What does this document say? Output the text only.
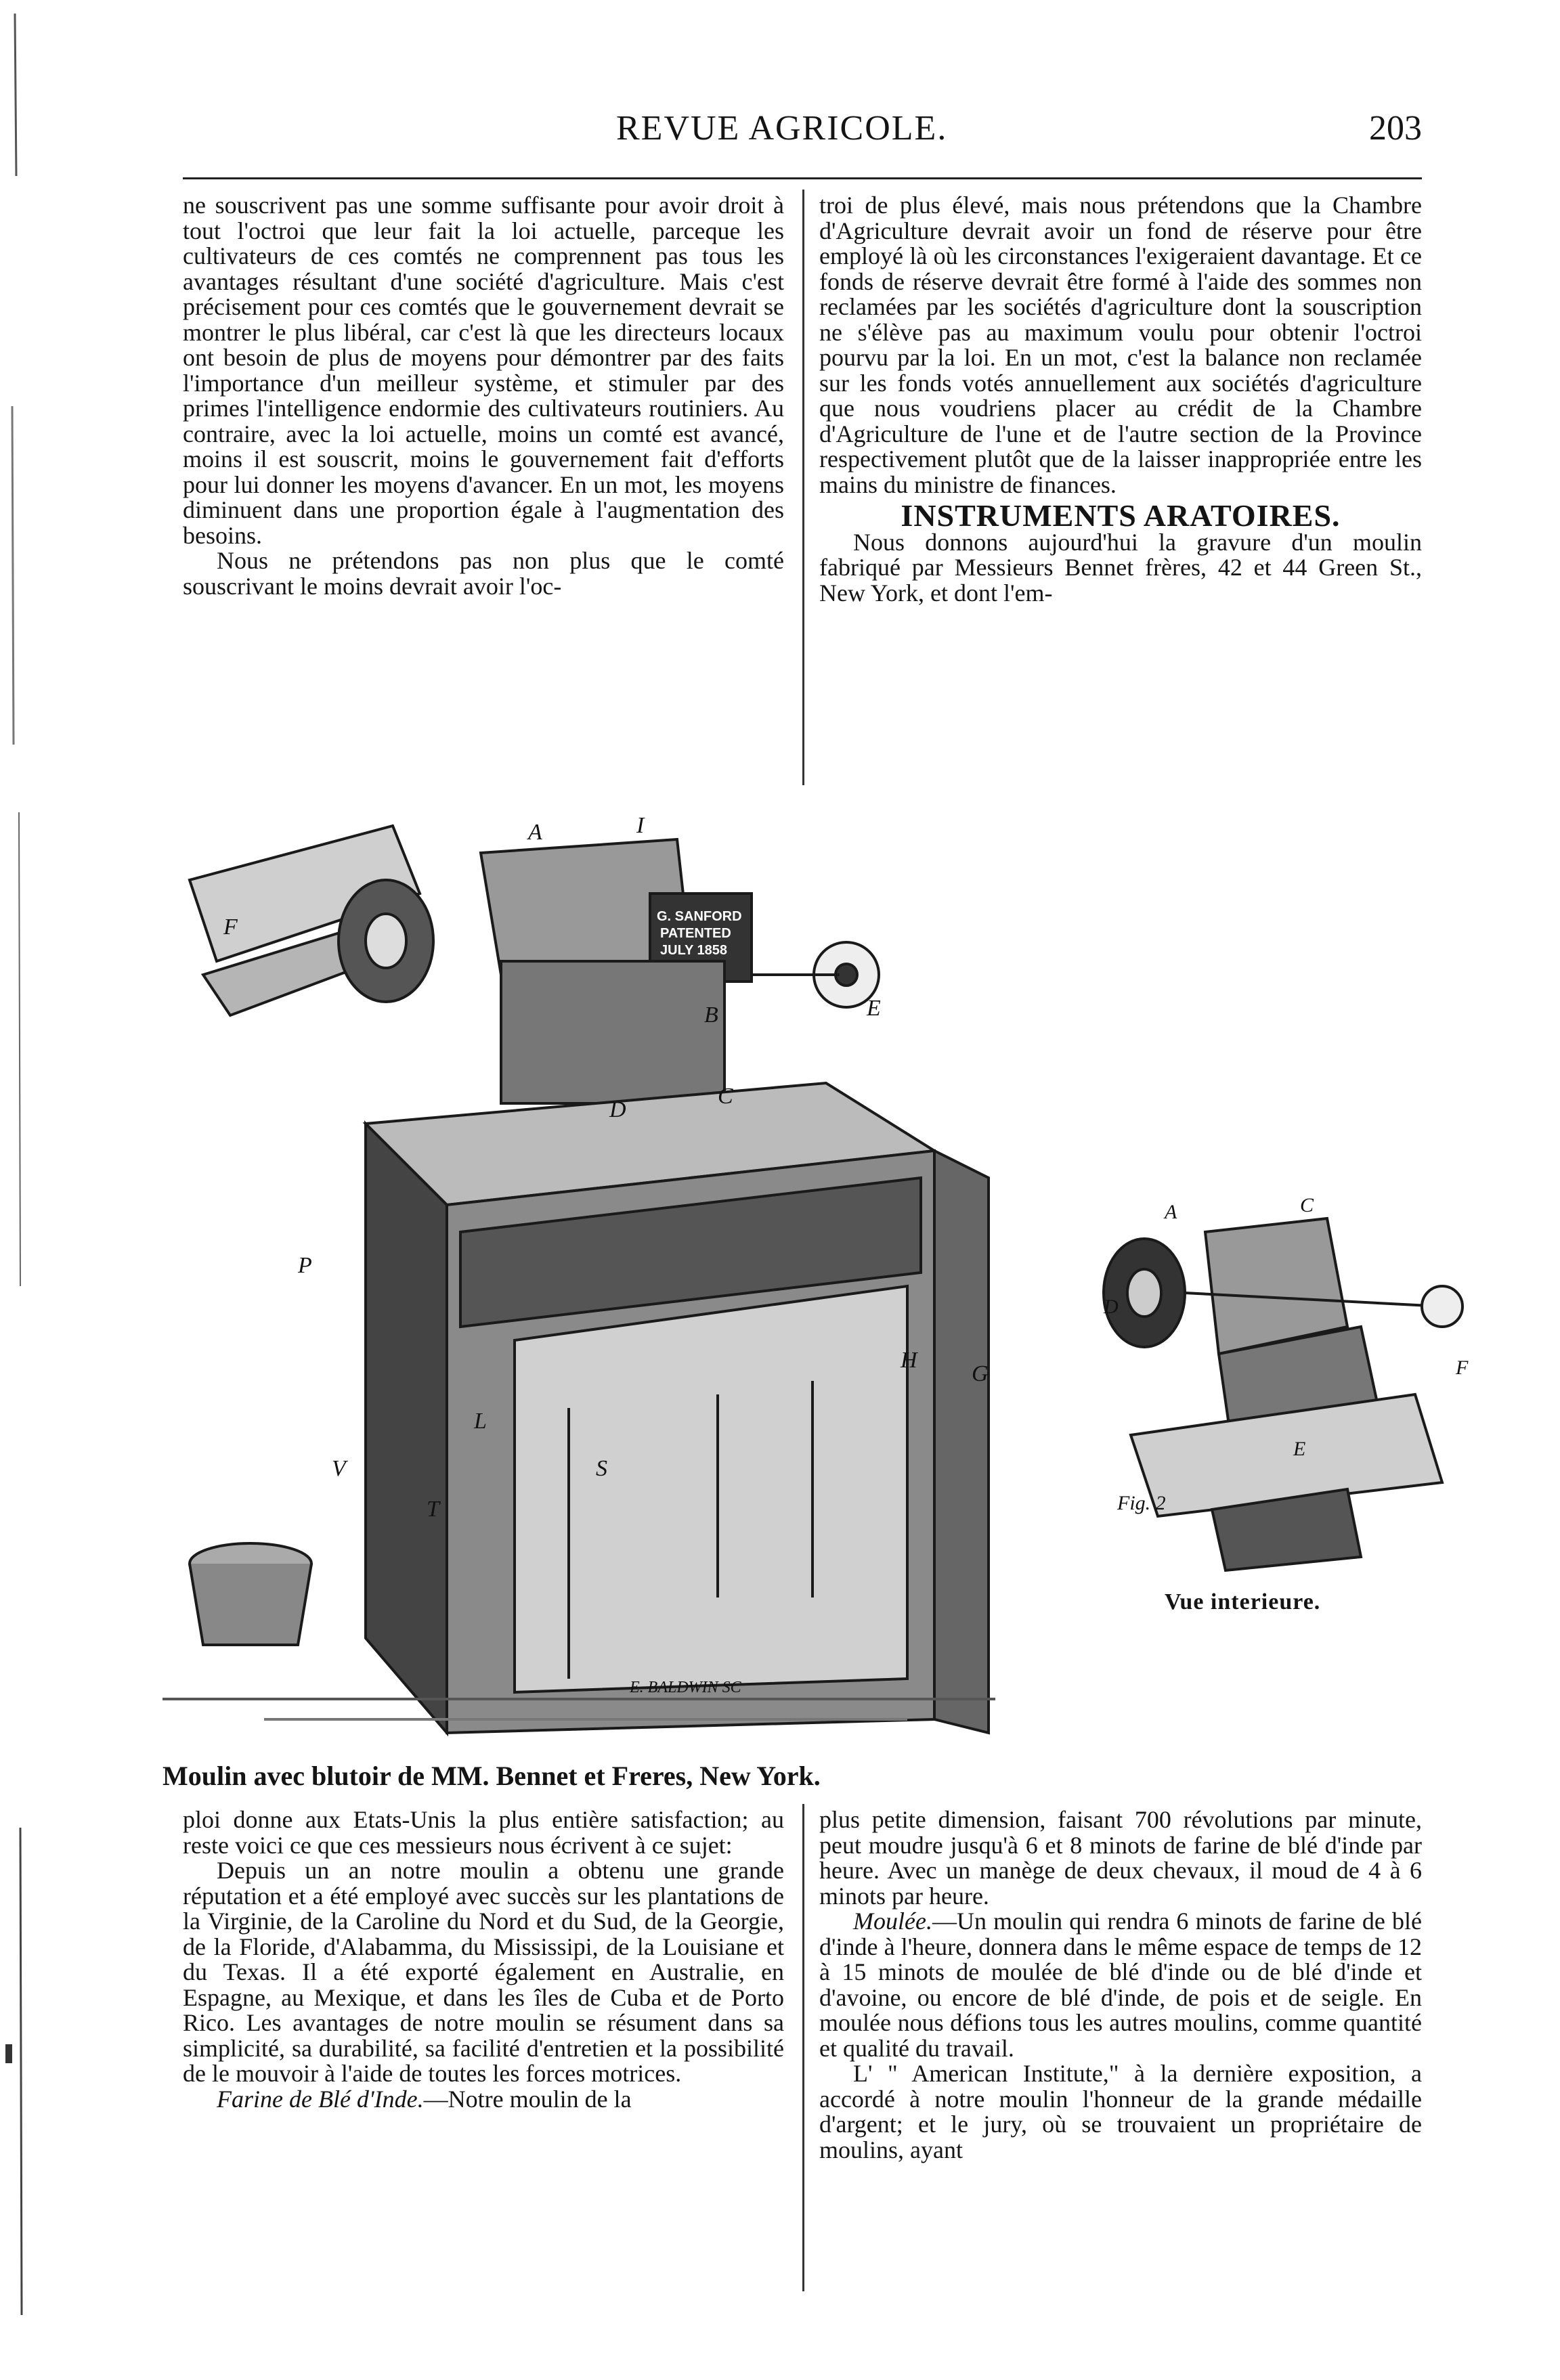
REVUE AGRICOLE.	203

ne souscrivent pas une somme suffisante pour avoir droit à tout l'octroi que leur fait la loi actuelle, parceque les cultivateurs de ces comtés ne comprennent pas tous les avantages résultant d'une société d'agriculture. Mais c'est précisement pour ces comtés que le gouvernement devrait se montrer le plus libéral, car c'est là que les directeurs locaux ont besoin de plus de moyens pour démontrer par des faits l'importance d'un meilleur système, et stimuler par des primes l'intelligence endormie des cultivateurs routiniers. Au contraire, avec la loi actuelle, moins un comté est avancé, moins il est souscrit, moins le gouvernement fait d'efforts pour lui donner les moyens d'avancer. En un mot, les moyens diminuent dans une proportion égale à l'augmentation des besoins.

Nous ne prétendons pas non plus que le comté souscrivant le moins devrait avoir l'oc-

troi de plus élevé, mais nous prétendons que la Chambre d'Agriculture devrait avoir un fond de réserve pour être employé là où les circonstances l'exigeraient davantage. Et ce fonds de réserve devrait être formé à l'aide des sommes non reclamées par les sociétés d'agriculture dont la souscription ne s'élève pas au maximum voulu pour obtenir l'octroi pourvu par la loi. En un mot, c'est la balance non reclamée sur les fonds votés annuellement aux sociétés d'agriculture que nous voudriens placer au crédit de la Chambre d'Agriculture de l'une et de l'autre section de la Province respectivement plutôt que de la laisser inappropriée entre les mains du ministre de finances.

INSTRUMENTS ARATOIRES.

Nous donnons aujourd'hui la gravure d'un moulin fabriqué par Messieurs Bennet frères, 42 et 44 Green St., New York, et dont l'em-

A	I
B
C
D
E
F
G
H
L
T
S
V
P
G. SANFORD
PATENTED
JULY 1858
E. BALDWIN SC
A	C
D
E
F
Fig. 2
Vue interieure.
Moulin avec blutoir de MM. Bennet et Freres, New York.

ploi donne aux Etats-Unis la plus entière satisfaction; au reste voici ce que ces messieurs nous écrivent à ce sujet:

Depuis un an notre moulin a obtenu une grande réputation et a été employé avec succès sur les plantations de la Virginie, de la Caroline du Nord et du Sud, de la Georgie, de la Floride, d'Alabamma, du Mississipi, de la Louisiane et du Texas. Il a été exporté également en Australie, en Espagne, au Mexique, et dans les îles de Cuba et de Porto Rico. Les avantages de notre moulin se résument dans sa simplicité, sa durabilité, sa facilité d'entretien et la possibilité de le mouvoir à l'aide de toutes les forces motrices.

Farine de Blé d'Inde.—Notre moulin de la

plus petite dimension, faisant 700 révolutions par minute, peut moudre jusqu'à 6 et 8 minots de farine de blé d'inde par heure. Avec un manège de deux chevaux, il moud de 4 à 6 minots par heure.

Moulée.—Un moulin qui rendra 6 minots de farine de blé d'inde à l'heure, donnera dans le même espace de temps de 12 à 15 minots de moulée de blé d'inde ou de blé d'inde et d'avoine, ou encore de blé d'inde, de pois et de seigle. En moulée nous défions tous les autres moulins, comme quantité et qualité du travail.

L' " American Institute," à la dernière exposition, a accordé à notre moulin l'honneur de la grande médaille d'argent; et le jury, où se trouvaient un propriétaire de moulins, ayant
